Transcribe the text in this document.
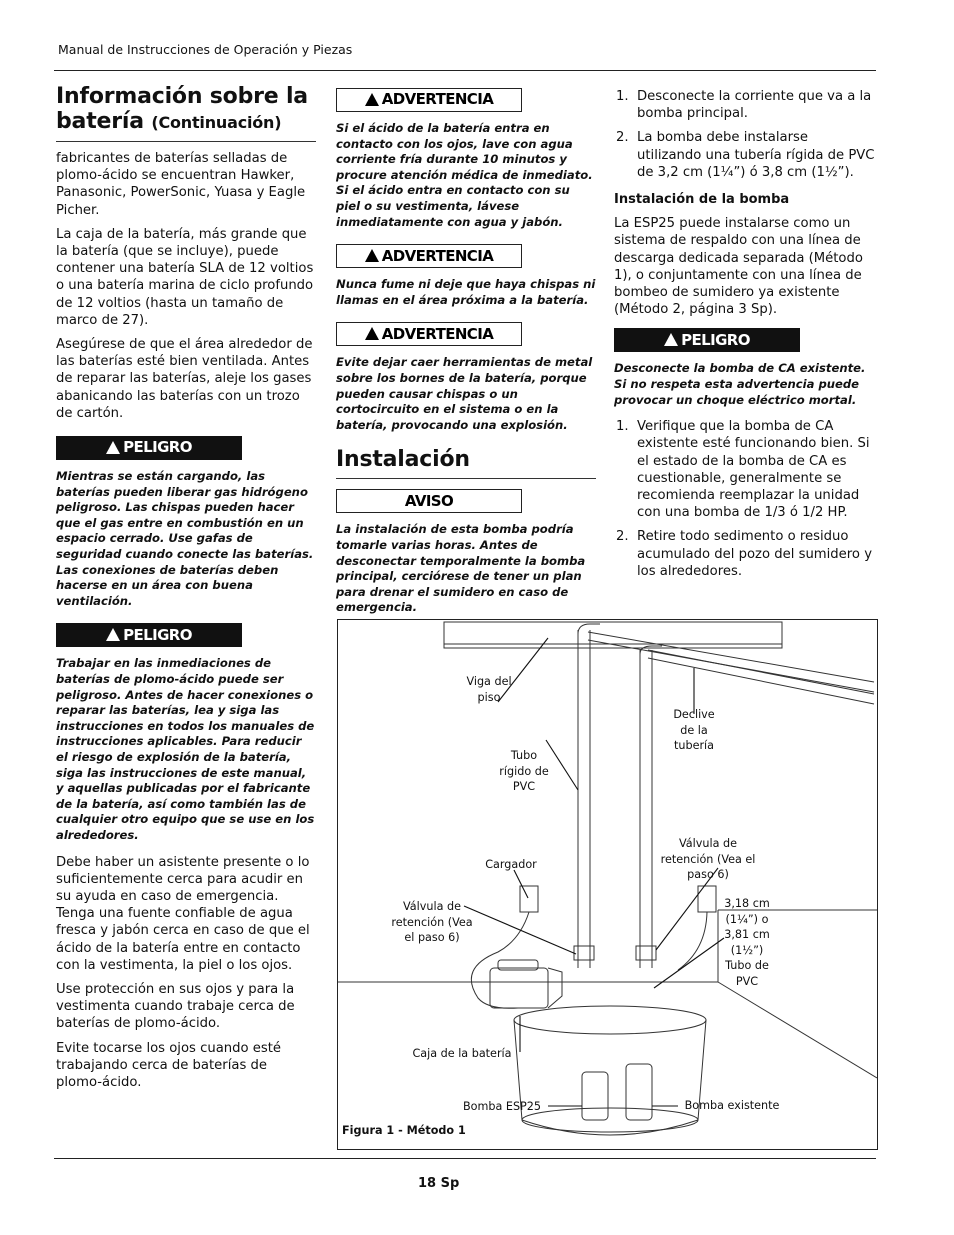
Manual de Instrucciones de Operación y Piezas
Información sobre la batería (Continuación)

fabricantes de baterías selladas de plomo-ácido se encuentran Hawker, Panasonic, PowerSonic, Yuasa y Eagle Picher.

La caja de la batería, más grande que la batería (que se incluye), puede contener una batería SLA de 12 voltios o una batería marina de ciclo profundo de 12 voltios (hasta un tamaño de marco de 27).

Asegúrese de que el área alrededor de las baterías esté bien ventilada. Antes de reparar las baterías, aleje los gases abanicando las baterías con un trozo de cartón.

PELIGRO
Mientras se están cargando, las baterías pueden liberar gas hidrógeno peligroso. Las chispas pueden hacer que el gas entre en combustión en un espacio cerrado. Use gafas de seguridad cuando conecte las baterías. Las conexiones de baterías deben hacerse en un área con buena ventilación.
PELIGRO
Trabajar en las inmediaciones de baterías de plomo-ácido puede ser peligroso. Antes de hacer conexiones o reparar las baterías, lea y siga las instrucciones en todos los manuales de instrucciones aplicables. Para reducir el riesgo de explosión de la batería, siga las instrucciones de este manual, y aquellas publicadas por el fabricante de la batería, así como también las de cualquier otro equipo que se use en los alrededores.

Debe haber un asistente presente o lo suficientemente cerca para acudir en su ayuda en caso de emergencia. Tenga una fuente confiable de agua fresca y jabón cerca en caso de que el ácido de la batería entre en contacto con la vestimenta, la piel o los ojos.

Use protección en sus ojos y para la vestimenta cuando trabaje cerca de baterías de plomo-ácido.

Evite tocarse los ojos cuando esté trabajando cerca de baterías de plomo-ácido.

ADVERTENCIA
Si el ácido de la batería entra en contacto con los ojos, lave con agua corriente fría durante 10 minutos y procure atención médica de inmediato. Si el ácido entra en contacto con su piel o su vestimenta, lávese inmediatamente con agua y jabón.
ADVERTENCIA
Nunca fume ni deje que haya chispas ni llamas en el área próxima a la batería.
ADVERTENCIA
Evite dejar caer herramientas de metal sobre los bornes de la batería, porque pueden causar chispas o un cortocircuito en el sistema o en la batería, provocando una explosión.
Instalación
AVISO
La instalación de esta bomba podría tomarle varias horas. Antes de desconectar temporalmente la bomba principal, cerciórese de tener un plan para drenar el sumidero en caso de emergencia.
1. Desconecte la corriente que va a la bomba principal.
2. La bomba debe instalarse utilizando una tubería rígida de PVC de 3,2 cm (1¼”) ó 3,8 cm (1½”).
Instalación de la bomba

La ESP25 puede instalarse como un sistema de respaldo con una línea de descarga dedicada separada (Método 1), o conjuntamente con una línea de bombeo de sumidero ya existente (Método 2, página 3 Sp).

PELIGRO
Desconecte la bomba de CA existente. Si no respeta esta advertencia puede provocar un choque eléctrico mortal.
1. Verifique que la bomba de CA existente esté funcionando bien. Si el estado de la bomba de CA es cuestionable, generalmente se recomienda reemplazar la unidad con una bomba de 1/3 ó 1/2 HP.
2. Retire todo sedimento o residuo acumulado del pozo del sumidero y los alrededores.
Viga del piso
Declive de la tubería
Tubo rígido de PVC
Cargador
Válvula de retención (Vea el paso 6)
Válvula de retención (Vea el paso 6)
3,18 cm (1¼”) o 3,81 cm (1½”) Tubo de PVC
Caja de la batería
Bomba ESP25	Bomba existente
Figura 1 - Método 1
18 Sp
